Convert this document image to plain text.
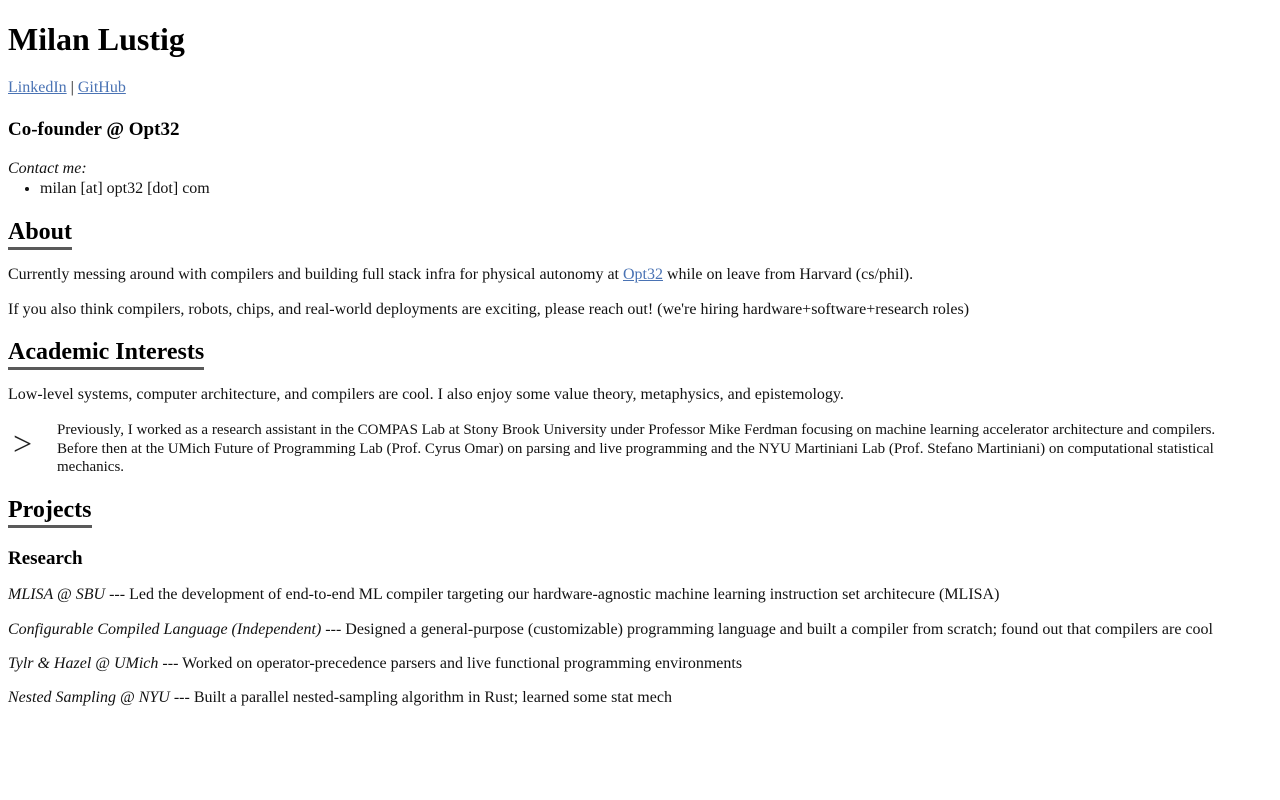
Milan Lustig

LinkedIn | GitHub

Co-founder @ Opt32

Contact me:

• milan [at] opt32 [dot] com
About

Currently messing around with compilers and building full stack infra for physical autonomy at Opt32 while on leave from Harvard (cs/phil).

If you also think compilers, robots, chips, and real-world deployments are exciting, please reach out! (we're hiring hardware+software+research roles)

Academic Interests

Low-level systems, computer architecture, and compilers are cool. I also enjoy some value theory, metaphysics, and epistemology.

>	Previously, I worked as a research assistant in the COMPAS Lab at Stony Brook University under Professor Mike Ferdman focusing on machine learning accelerator architecture and compilers.

Before then at the UMich Future of Programming Lab (Prof. Cyrus Omar) on parsing and live programming and the NYU Martiniani Lab (Prof. Stefano Martiniani) on computational statistical mechanics.

Projects
Research

MLISA @ SBU --- Led the development of end-to-end ML compiler targeting our hardware-agnostic machine learning instruction set architecure (MLISA)

Configurable Compiled Language (Independent) --- Designed a general-purpose (customizable) programming language and built a compiler from scratch; found out that compilers are cool

Tylr & Hazel @ UMich --- Worked on operator-precedence parsers and live functional programming environments

Nested Sampling @ NYU --- Built a parallel nested-sampling algorithm in Rust; learned some stat mech
